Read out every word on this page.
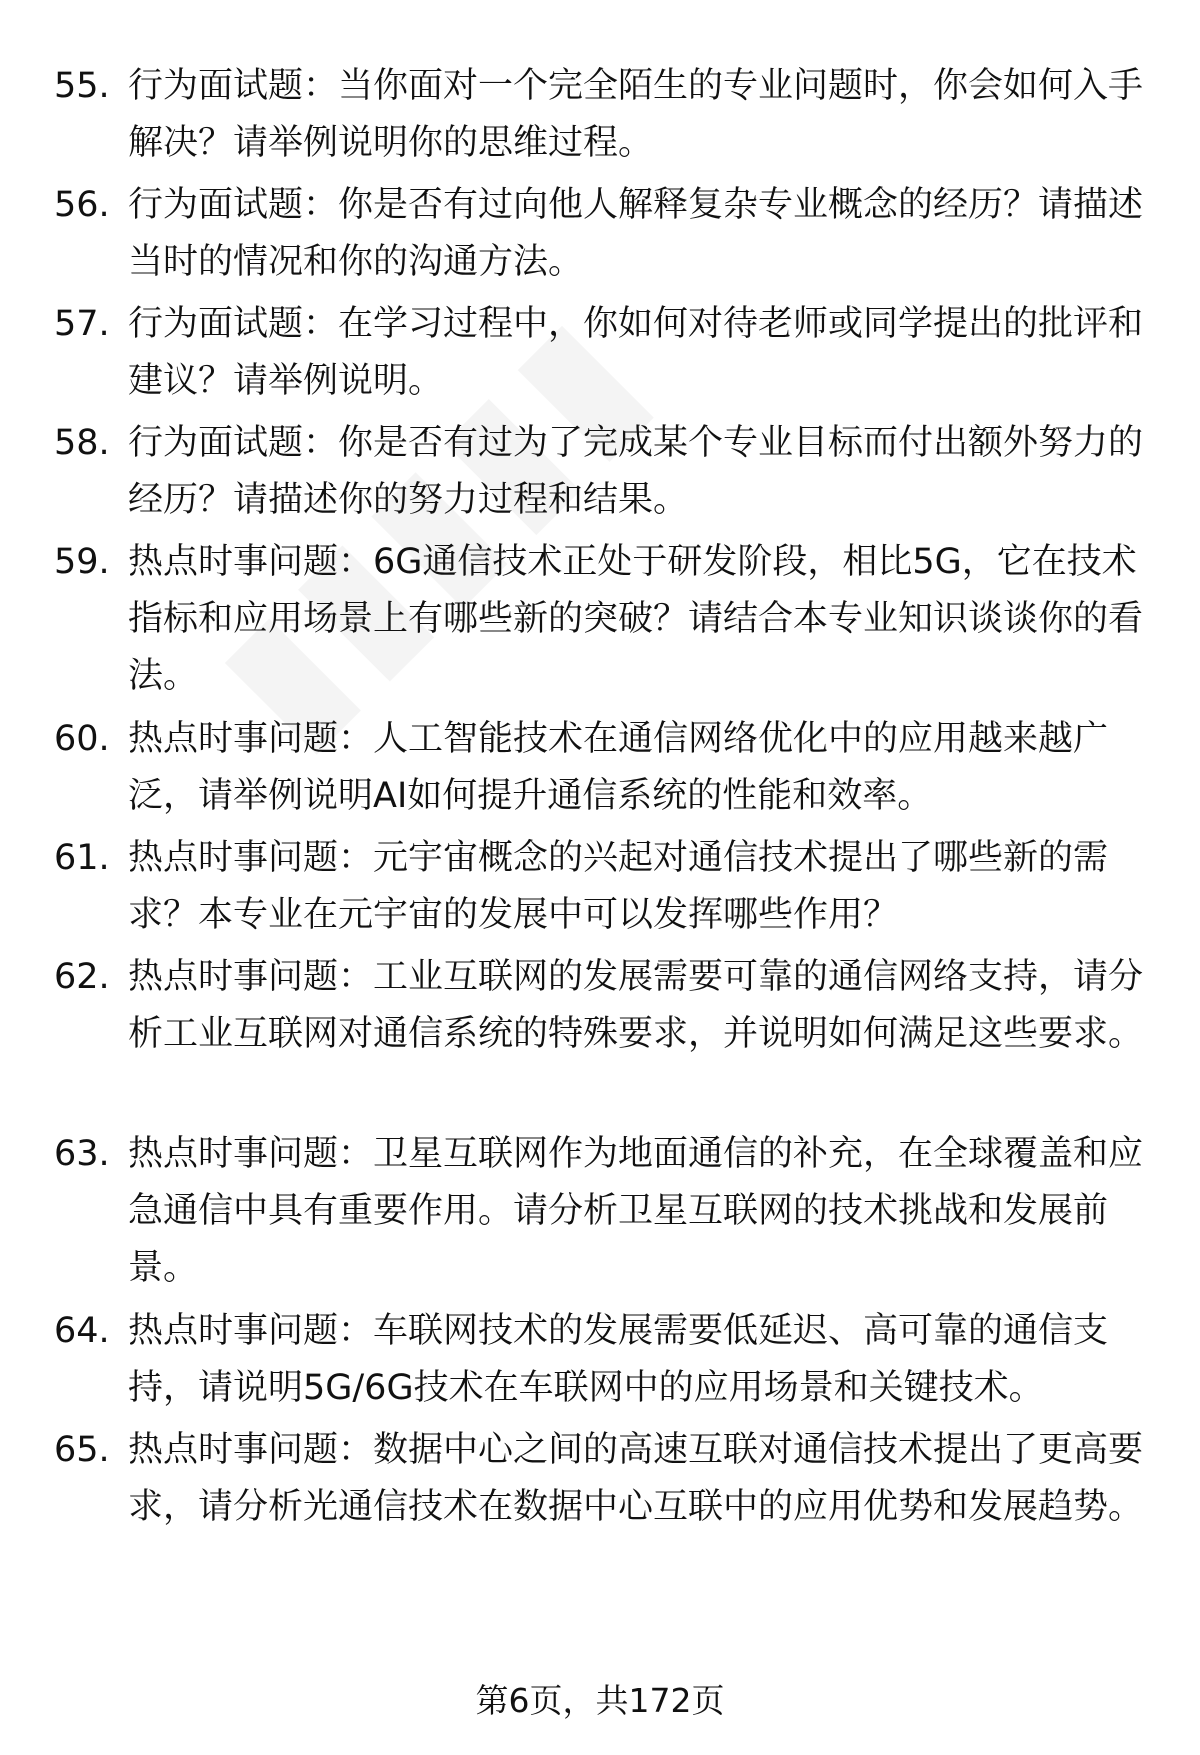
55. 行为面试题：当你面对一个完全陌生的专业问题时，你会如何入手解决？请举例说明你的思维过程。
56. 行为面试题：你是否有过向他人解释复杂专业概念的经历？请描述当时的情况和你的沟通方法。
57. 行为面试题：在学习过程中，你如何对待老师或同学提出的批评和建议？请举例说明。
58. 行为面试题：你是否有过为了完成某个专业目标而付出额外努力的经历？请描述你的努力过程和结果。
59. 热点时事问题：6G通信技术正处于研发阶段，相比5G，它在技术指标和应用场景上有哪些新的突破？请结合本专业知识谈谈你的看法。
60. 热点时事问题：人工智能技术在通信网络优化中的应用越来越广泛，请举例说明AI如何提升通信系统的性能和效率。
61. 热点时事问题：元宇宙概念的兴起对通信技术提出了哪些新的需求？本专业在元宇宙的发展中可以发挥哪些作用？
62. 热点时事问题：工业互联网的发展需要可靠的通信网络支持，请分析工业互联网对通信系统的特殊要求，并说明如何满足这些要求。
63. 热点时事问题：卫星互联网作为地面通信的补充，在全球覆盖和应急通信中具有重要作用。请分析卫星互联网的技术挑战和发展前景。
64. 热点时事问题：车联网技术的发展需要低延迟、高可靠的通信支持，请说明5G/6G技术在车联网中的应用场景和关键技术。
65. 热点时事问题：数据中心之间的高速互联对通信技术提出了更高要求，请分析光通信技术在数据中心互联中的应用优势和发展趋势。
第6页，共172页
